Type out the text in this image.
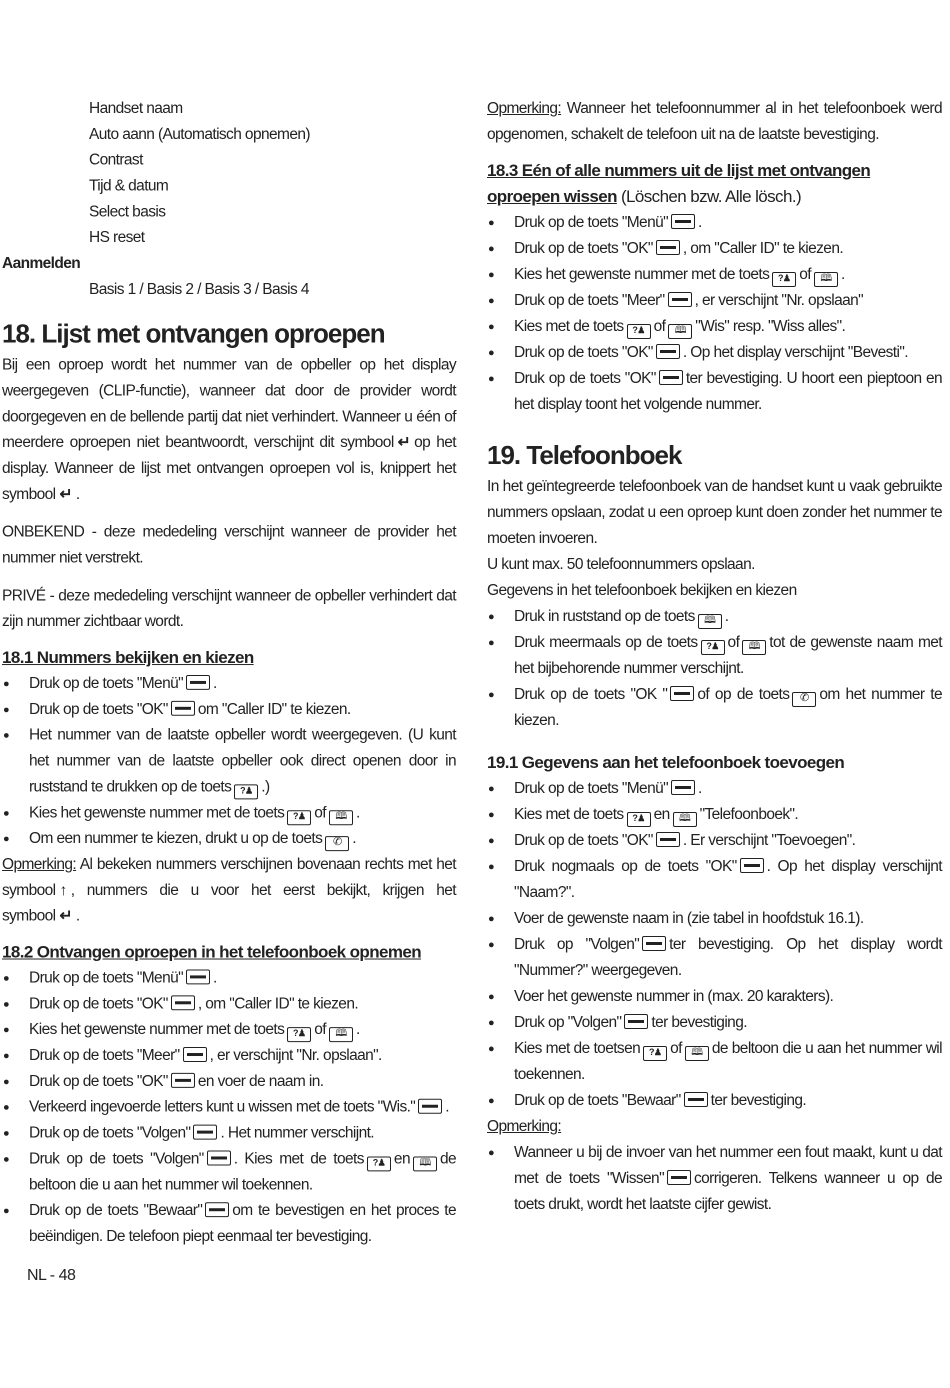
Handset naam

Auto aann (Automatisch opnemen)

Contrast

Tijd & datum

Select basis

HS reset

Aanmelden

Basis 1 / Basis 2 / Basis 3 / Basis 4

18. Lijst met ontvangen oproepen

Bij een oproep wordt het nummer van de opbeller op het display weergegeven (CLIP-functie), wanneer dat door de provider wordt doorgegeven en de bellende partij dat niet verhindert. Wanneer u één of meerdere oproepen niet beantwoordt, verschijnt dit symbool ↵ op het display. Wanneer de lijst met ontvangen oproepen vol is, knippert het symbool ↵ .

ONBEKEND - deze mededeling verschijnt wanneer de provider het nummer niet verstrekt.

PRIVÉ - deze mededeling verschijnt wanneer de opbeller verhindert dat zijn nummer zichtbaar wordt.

18.1 Nummers bekijken en kiezen
● Druk op de toets "Menü" .
● Druk op de toets "OK" om "Caller ID" te kiezen.
● Het nummer van de laatste opbeller wordt weergegeven. (U kunt het nummer van de laatste opbeller ook direct openen door in ruststand te drukken op de toets ?♟ .)
● Kies het gewenste nummer met de toets ?♟ of 🕮 .
● Om een nummer te kiezen, drukt u op de toets ✆ .

Opmerking: Al bekeken nummers verschijnen bovenaan rechts met het symbool ↑ , nummers die u voor het eerst bekijkt, krijgen het symbool ↵ .

18.2 Ontvangen oproepen in het telefoonboek opnemen
● Druk op de toets "Menü" .
● Druk op de toets "OK" , om "Caller ID" te kiezen.
● Kies het gewenste nummer met de toets ?♟ of 🕮 .
● Druk op de toets "Meer" , er verschijnt "Nr. opslaan".
● Druk op de toets "OK" en voer de naam in.
● Verkeerd ingevoerde letters kunt u wissen met de toets "Wis." .
● Druk op de toets "Volgen" . Het nummer verschijnt.
● Druk op de toets "Volgen" . Kies met de toets ?♟ en 🕮 de beltoon die u aan het nummer wil toekennen.
● Druk op de toets "Bewaar" om te bevestigen en het proces te beëindigen. De telefoon piept eenmaal ter bevestiging.

Opmerking: Wanneer het telefoonnummer al in het telefoonboek werd opgenomen, schakelt de telefoon uit na de laatste bevestiging.

18.3 Eén of alle nummers uit de lijst met ontvangen oproepen wissen (Löschen bzw. Alle lösch.)
● Druk op de toets "Menü" .
● Druk op de toets "OK" , om "Caller ID" te kiezen.
● Kies het gewenste nummer met de toets ?♟ of 🕮 .
● Druk op de toets "Meer" , er verschijnt "Nr. opslaan"
● Kies met de toets ?♟ of 🕮 "Wis" resp. "Wiss alles".
● Druk op de toets "OK" . Op het display verschijnt "Bevesti".
● Druk op de toets "OK" ter bevestiging. U hoort een pieptoon en het display toont het volgende nummer.
19. Telefoonboek

In het geïntegreerde telefoonboek van de handset kunt u vaak gebruikte nummers opslaan, zodat u een oproep kunt doen zonder het nummer te moeten invoeren.

U kunt max. 50 telefoonnummers opslaan.

Gegevens in het telefoonboek bekijken en kiezen

● Druk in ruststand op de toets 🕮 .
● Druk meermaals op de toets ?♟ of 🕮 tot de gewenste naam met het bijbehorende nummer verschijnt.
● Druk op de toets "OK " of op de toets ✆ om het nummer te kiezen.
19.1 Gegevens aan het telefoonboek toevoegen
● Druk op de toets "Menü" .
● Kies met de toets ?♟ en 🕮 "Telefoonboek".
● Druk op de toets "OK" . Er verschijnt "Toevoegen".
● Druk nogmaals op de toets "OK" . Op het display verschijnt "Naam?".
● Voer de gewenste naam in (zie tabel in hoofdstuk 16.1).
● Druk op "Volgen" ter bevestiging. Op het display wordt "Nummer?" weergegeven.
● Voer het gewenste nummer in (max. 20 karakters).
● Druk op "Volgen" ter bevestiging.
● Kies met de toetsen ?♟ of 🕮 de beltoon die u aan het nummer wil toekennen.
● Druk op de toets "Bewaar" ter bevestiging.

Opmerking:

● Wanneer u bij de invoer van het nummer een fout maakt, kunt u dat met de toets "Wissen" corrigeren. Telkens wanneer u op de toets drukt, wordt het laatste cijfer gewist.
NL - 48
